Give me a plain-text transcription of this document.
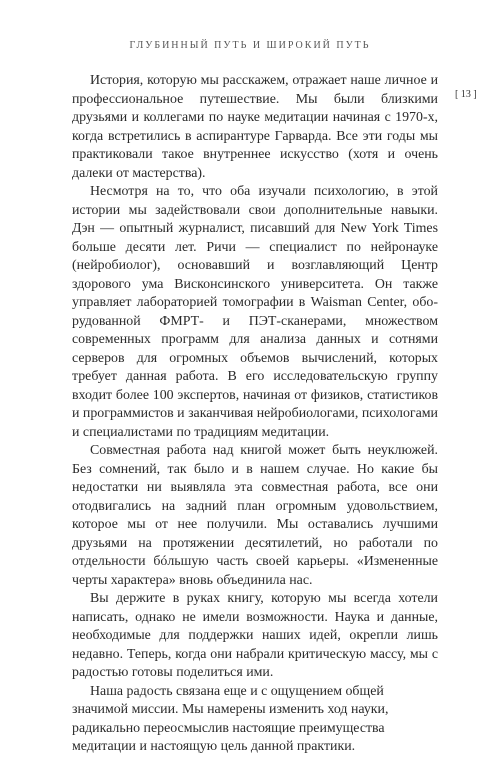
ГЛУБИННЫЙ ПУТЬ И ШИРОКИЙ ПУТЬ
[ 13 ]

История, которую мы расскажем, отражает наше личное и профессиональное путешествие. Мы были близкими друзьями и коллегами по науке медитации начиная с 1970-х, когда встретились в аспирантуре Гарварда. Все эти годы мы практиковали такое внутреннее искусство (хотя и очень далеки от мастерства).

Несмотря на то, что оба изучали психологию, в этой истории мы задействовали свои дополнительные навыки. Дэн — опытный журналист, писавший для New York Times больше десяти лет. Ричи — специалист по нейронауке (нейробиолог), основавший и возглавляющий Центр здорового ума Висконсинского университета. Он также управляет лабораторией томографии в Waisman Center, оборудованной ФМРТ- и ПЭТ-сканерами, множеством современных программ для анализа данных и сотнями серверов для огромных объемов вычислений, которых требует данная работа. В его исследовательскую группу входит более 100 экспертов, начиная от физиков, статистиков и программистов и заканчивая нейробиологами, психологами и специалистами по традициям медитации.

Совместная работа над книгой может быть неуклюжей. Без сомнений, так было и в нашем случае. Но какие бы недостатки ни выявляла эта совместная работа, все они отодвигались на задний план огромным удовольствием, которое мы от нее получили. Мы оставались лучшими друзьями на протяжении десятилетий, но работали по отдельности бóльшую часть своей карьеры. «Измененные черты характера» вновь объединила нас.

Вы держите в руках книгу, которую мы всегда хотели написать, однако не имели возможности. Наука и данные, необходимые для поддержки наших идей, окрепли лишь недавно. Теперь, когда они набрали критическую массу, мы с радостью готовы поделиться ими.

Наша радость связана еще и с ощущением общей значимой миссии. Мы намерены изменить ход науки, радикально переосмыслив настоящие преимущества медитации и настоящую цель данной практики.
